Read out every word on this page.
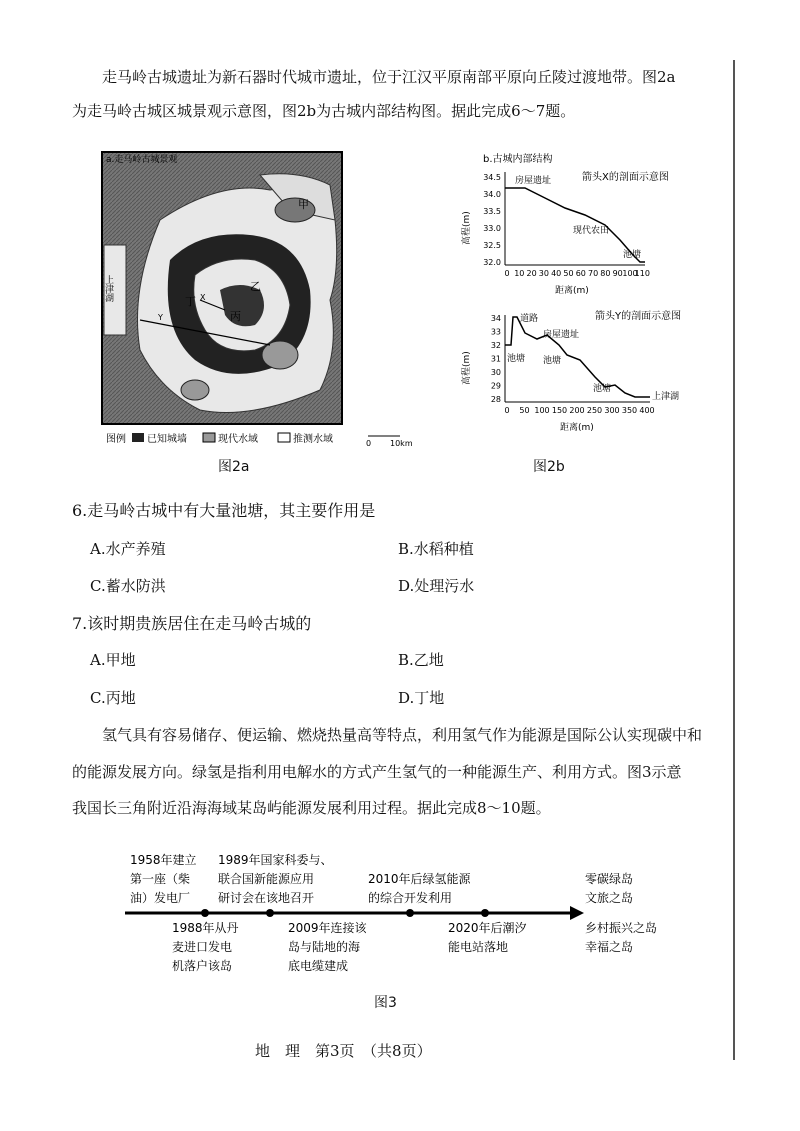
走马岭古城遗址为新石器时代城市遗址，位于江汉平原南部平原向丘陵过渡地带。图2a
为走马岭古城区城景观示意图，图2b为古城内部结构图。据此完成6～7题。
a.走马岭古城景观
甲
乙
丙
丁 X
Y
上津湖
图例 已知城墙	现代水域	推测水域	0 10km
图2a
b.古城内部结构
箭头X的剖面示意图
34.5
34.0
33.5
33.0
32.5
32.0
0 10 20 30 40 50 60 70 80 90 100
110
房屋遗址
现代农田
池塘
高程(m)
距离(m)
箭头Y的剖面示意图
34
33
32
31
30
29
28
0 50 100 150 200 250 300 350 400
道路
房屋遗址
池塘 池塘
池塘
上津湖
高程(m)
距离(m)
图2b
6.走马岭古城中有大量池塘，其主要作用是
A.水产养殖	B.水稻种植
C.蓄水防洪	D.处理污水
7.该时期贵族居住在走马岭古城的
A.甲地	B.乙地
C.丙地	D.丁地
氢气具有容易储存、便运输、燃烧热量高等特点，利用氢气作为能源是国际公认实现碳中和
的能源发展方向。绿氢是指利用电解水的方式产生氢气的一种能源生产、利用方式。图3示意
我国长三角附近沿海海域某岛屿能源发展利用过程。据此完成8～10题。
1958年建立
第一座（柴
油）发电厂
1989年国家科委与、
联合国新能源应用
研讨会在该地召开
2010年后绿氢能源
的综合开发利用
零碳绿岛
文旅之岛
1988年从丹
麦进口发电
机落户该岛
2009年连接该
岛与陆地的海
底电缆建成
2020年后潮汐
能电站落地
乡村振兴之岛
幸福之岛
图3
地　理　第3页　（共8页）
